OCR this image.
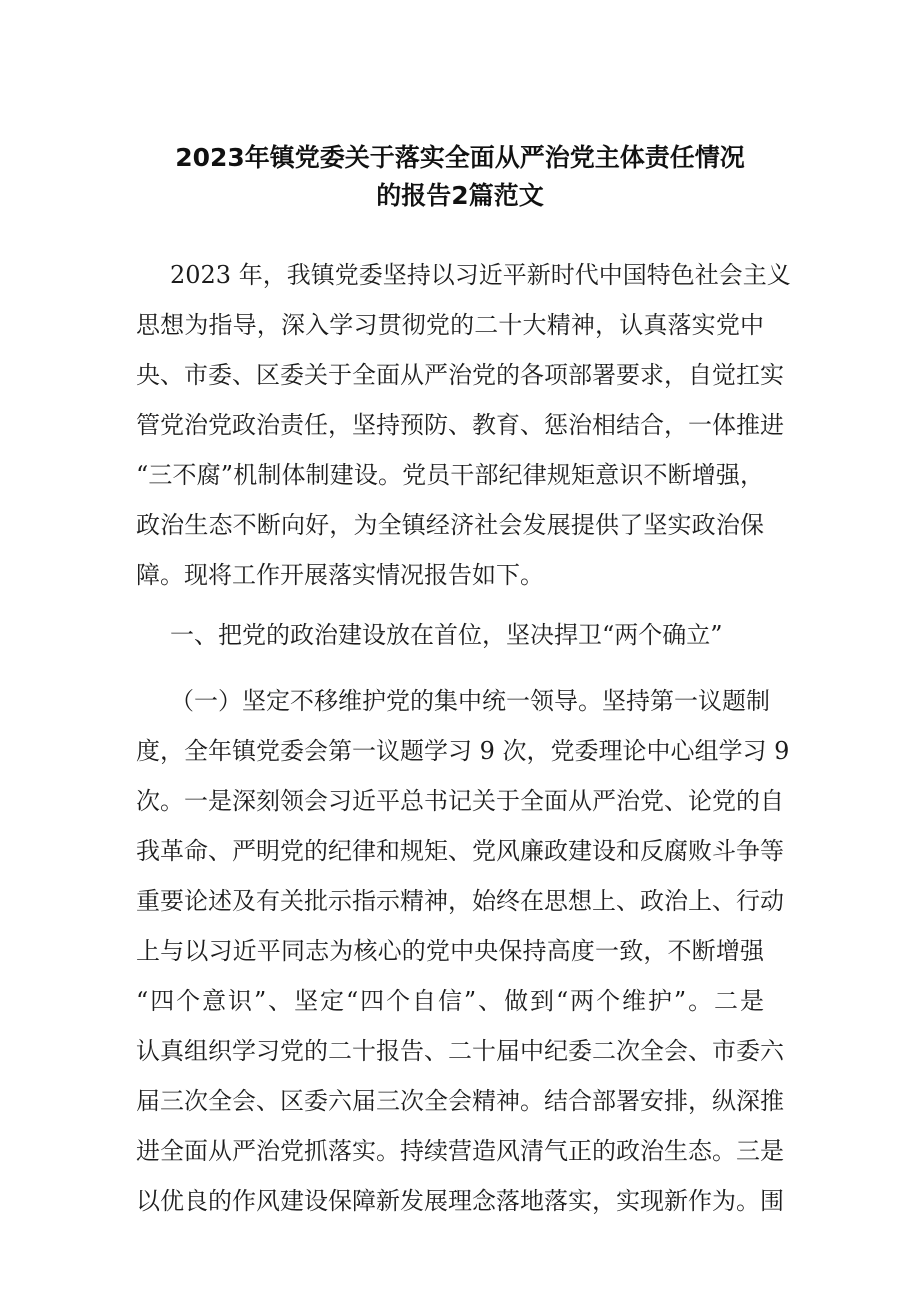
2023年镇党委关于落实全面从严治党主体责任情况
的报告2篇范文
2023 年，我镇党委坚持以习近平新时代中国特色社会主义
思想为指导，深入学习贯彻党的二十大精神，认真落实党中
央、市委、区委关于全面从严治党的各项部署要求，自觉扛实
管党治党政治责任，坚持预防、教育、惩治相结合，一体推进
“三不腐”机制体制建设。党员干部纪律规矩意识不断增强，
政治生态不断向好，为全镇经济社会发展提供了坚实政治保
障。现将工作开展落实情况报告如下。
一、把党的政治建设放在首位，坚决捍卫“两个确立”
（一）坚定不移维护党的集中统一领导。坚持第一议题制
度，全年镇党委会第一议题学习 9 次，党委理论中心组学习 9
次。一是深刻领会习近平总书记关于全面从严治党、论党的自
我革命、严明党的纪律和规矩、党风廉政建设和反腐败斗争等
重要论述及有关批示指示精神，始终在思想上、政治上、行动
上与以习近平同志为核心的党中央保持高度一致，不断增强
“四个意识”、坚定“四个自信”、做到“两个维护”。二是
认真组织学习党的二十报告、二十届中纪委二次全会、市委六
届三次全会、区委六届三次全会精神。结合部署安排，纵深推
进全面从严治党抓落实。持续营造风清气正的政治生态。三是
以优良的作风建设保障新发展理念落地落实，实现新作为。围
